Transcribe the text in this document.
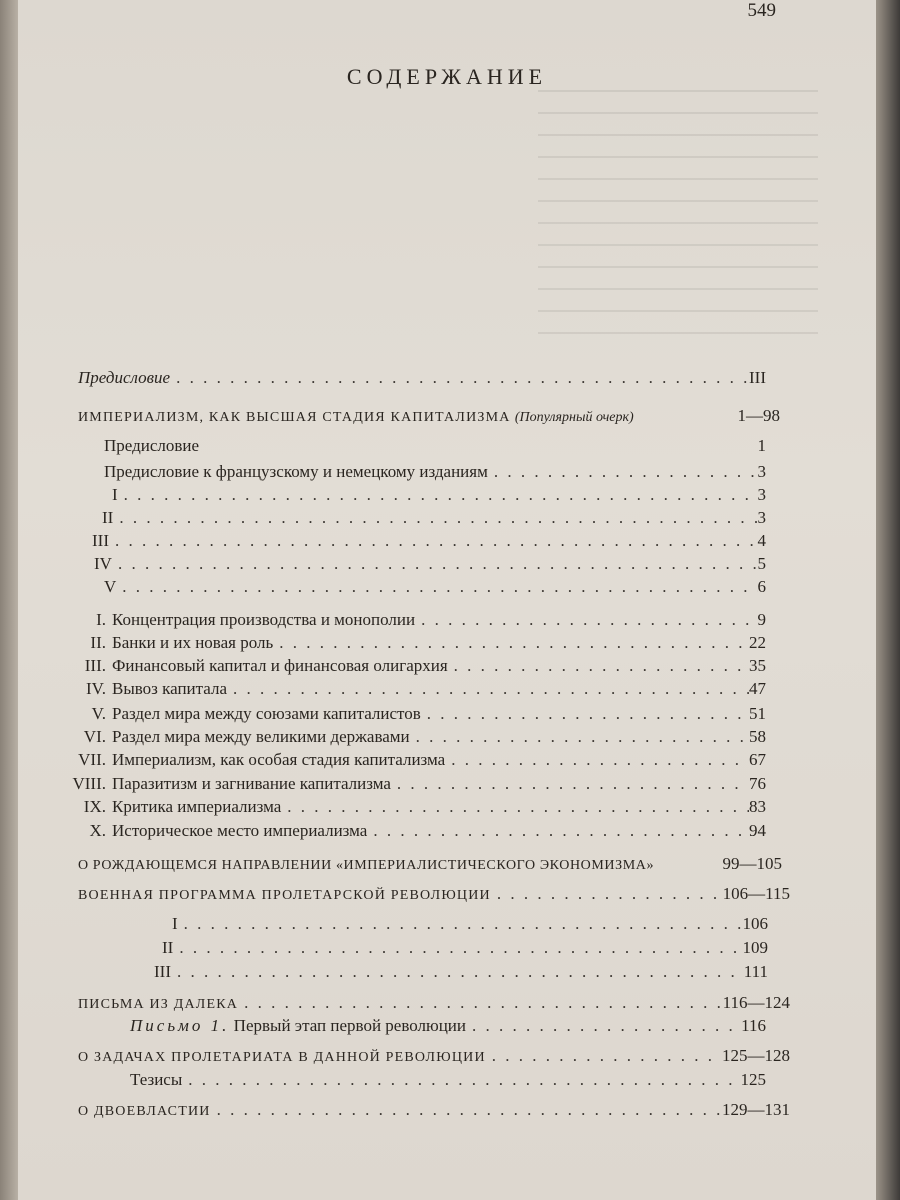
549
СОДЕРЖАНИЕ
Предисловие . . .	III
ИМПЕРИАЛИЗМ, КАК ВЫСШАЯ СТАДИЯ КАПИТАЛИЗМА (Популярный очерк)	1—98
Предисловие	1
Предисловие к французскому и немецкому изданиям . . .	3
I . . .	3
II . . .	3
III . . .	4
IV . . .	5
V . . .	6
I. Концентрация производства и монополии . . .	9
II. Банки и их новая роль . . .	22
III. Финансовый капитал и финансовая олигархия . . .	35
IV. Вывоз капитала . . .	47
V. Раздел мира между союзами капиталистов . . .	51
VI. Раздел мира между великими державами . . .	58
VII. Империализм, как особая стадия капитализма . . .	67
VIII. Паразитизм и загнивание капитализма . . .	76
IX. Критика империализма . . .	83
X. Историческое место империализма . . .	94
О РОЖДАЮЩЕМСЯ НАПРАВЛЕНИИ «ИМПЕРИАЛИСТИЧЕСКОГО ЭКОНОМИЗМА»	99—105
ВОЕННАЯ ПРОГРАММА ПРОЛЕТАРСКОЙ РЕВОЛЮЦИИ . . .	106—115
I . . .	106
II . . .	109
III . . .	111
ПИСЬМА ИЗ ДАЛЕКА . . .	116—124
Письмо 1. Первый этап первой революции . . .	116
О ЗАДАЧАХ ПРОЛЕТАРИАТА В ДАННОЙ РЕВОЛЮЦИИ . . .	125—128
Тезисы . . .	125
О ДВОЕВЛАСТИИ . . .	129—131
